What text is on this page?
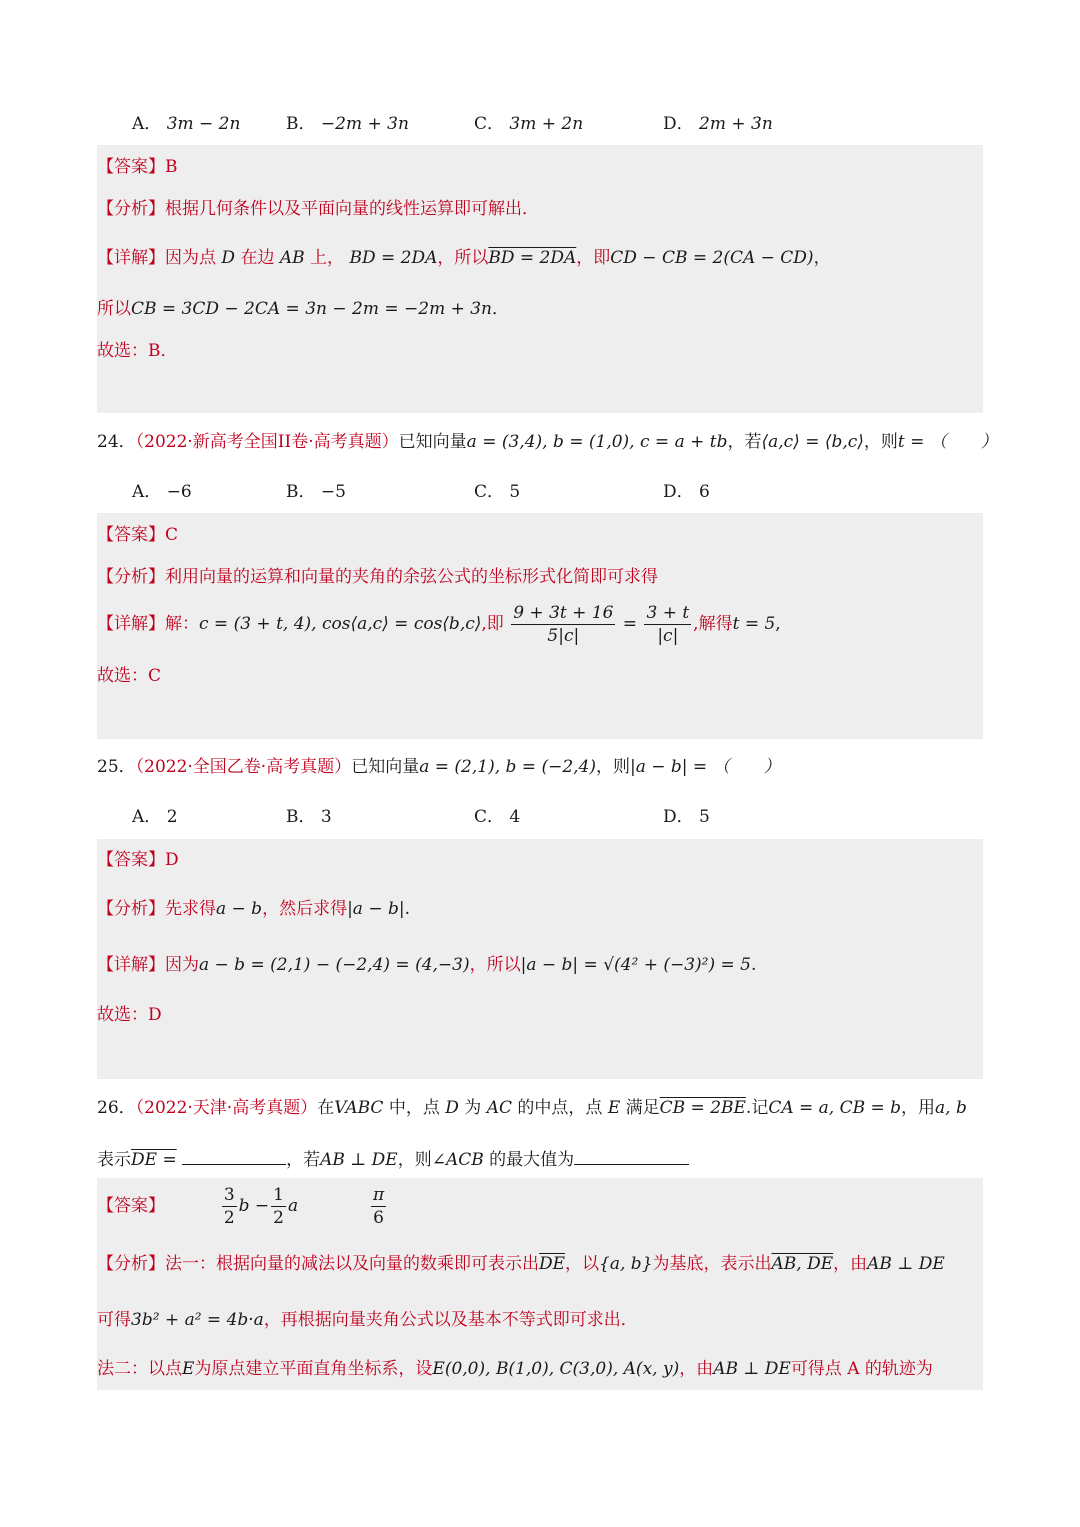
A． 3m − 2n	B． −2m + 3n	C． 3m + 2n	D． 2m + 3n
【答案】B
【分析】根据几何条件以及平面向量的线性运算即可解出．
【详解】因为点 D 在边 AB 上， BD = 2DA，所以BD = 2DA，即CD − CB = 2(CA − CD)，
所以CB = 3CD − 2CA = 3n − 2m = −2m + 3n．
故选：B．
24．（2022·新高考全国II卷·高考真题）已知向量a = (3,4), b = (1,0), c = a + tb，若⟨a,c⟩ = ⟨b,c⟩，则t = （　　）
A． −6	B． −5	C． 5	D． 6
【答案】C
【分析】利用向量的运算和向量的夹角的余弦公式的坐标形式化简即可求得
【详解】解：c = (3 + t, 4), cos⟨a,c⟩ = cos⟨b,c⟩,即 $\frac{9 + 3t + 16}{5|c|} = \frac{3 + t}{|c|}$ ,解得t = 5,
故选：C
25．（2022·全国乙卷·高考真题）已知向量a = (2,1), b = (−2,4)，则|a − b| = （　　）
A． 2	B． 3	C． 4	D． 5
【答案】D
【分析】先求得a − b，然后求得|a − b|.
【详解】因为a − b = (2,1) − (−2,4) = (4,−3)，所以|a − b| = √(4² + (−3)²) = 5.
故选：D
26．（2022·天津·高考真题）在VABC 中，点 D 为 AC 的中点，点 E 满足CB = 2BE.记CA = a, CB = b，用a, b
表示DE =	，若AB ⊥ DE，则∠ACB 的最大值为
【答案】	$\frac{3}{2}$ $b - \frac{1}{2}$ a	$\frac{\pi}{6}$
【分析】法一：根据向量的减法以及向量的数乘即可表示出$\overline{DE}$，以{a, b}为基底，表示出AB, DE，由AB ⊥ DE
可得3b² + a² = 4b·a，再根据向量夹角公式以及基本不等式即可求出．
法二：以点E为原点建立平面直角坐标系，设E(0,0), B(1,0), C(3,0), A(x, y)，由AB ⊥ DE可得点 A 的轨迹为
